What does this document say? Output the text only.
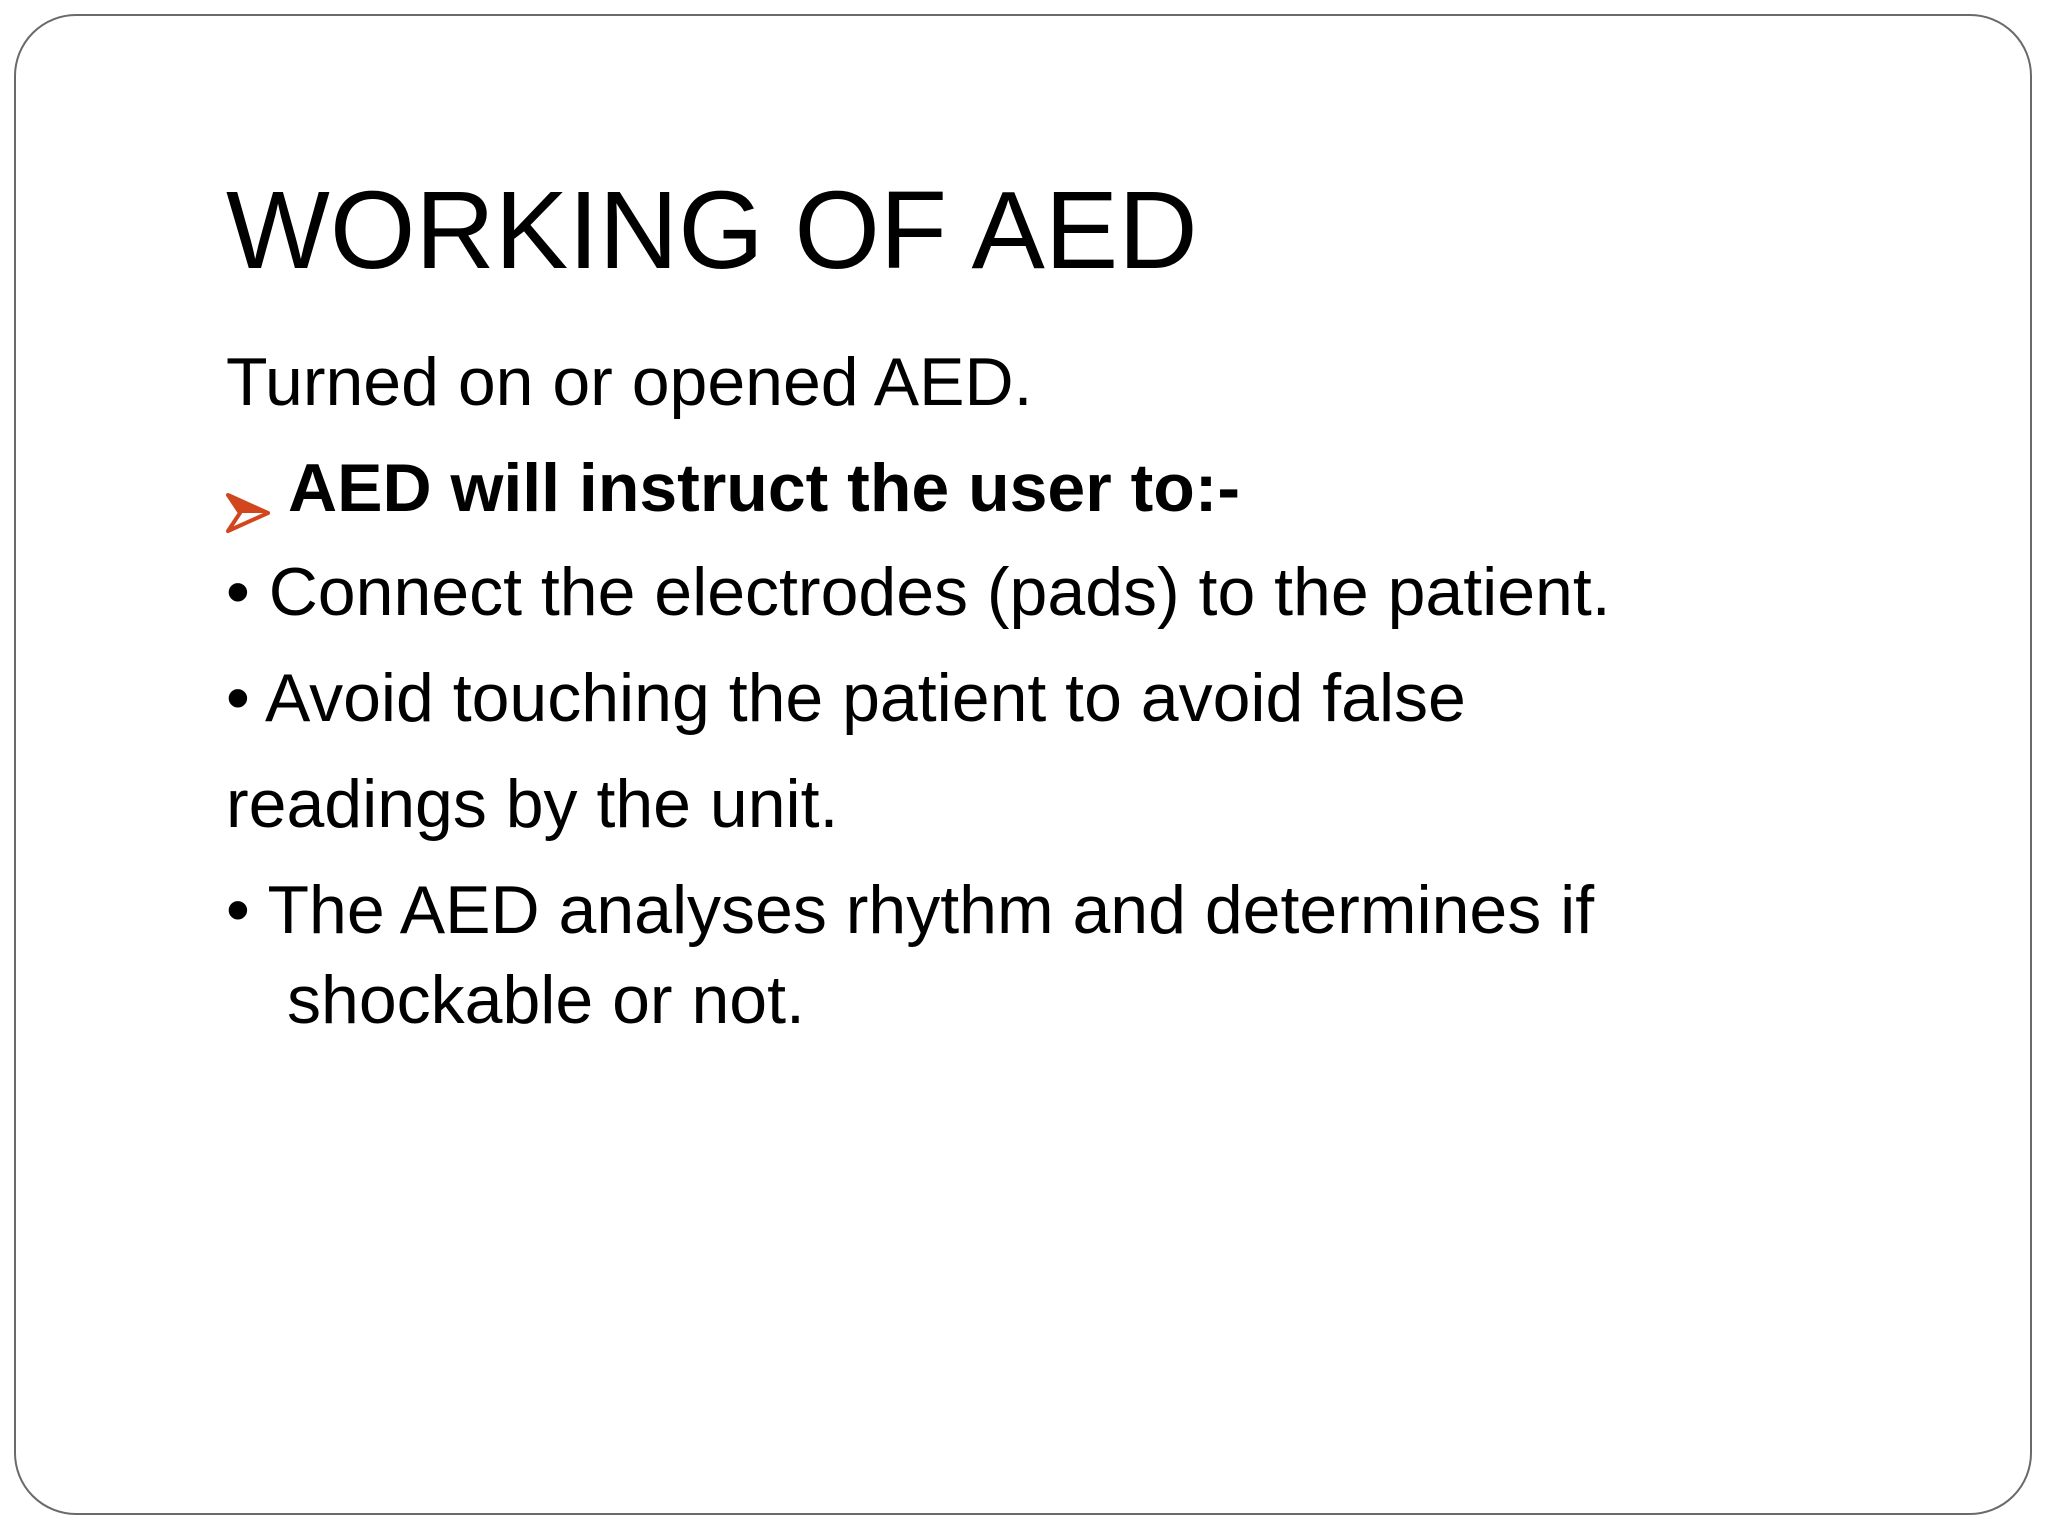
WORKING OF AED

Turned on or opened AED.

AED will instruct the user to:-

• Connect the electrodes (pads) to the patient.

• Avoid touching the patient to avoid false

readings by the unit.

• The AED analyses rhythm and determines if

shockable or not.
